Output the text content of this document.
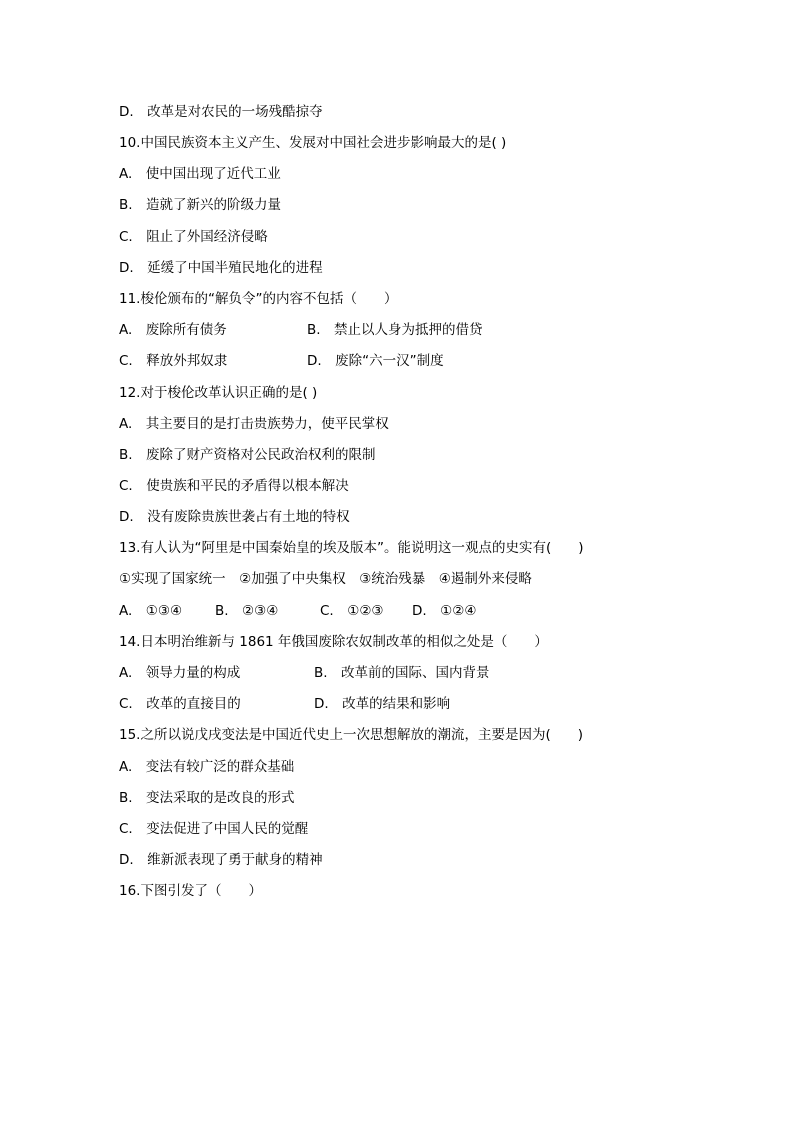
D.　改革是对农民的一场残酷掠夺
10.中国民族资本主义产生、发展对中国社会进步影响最大的是( )
A.　使中国出现了近代工业
B.　造就了新兴的阶级力量
C.　阻止了外国经济侵略
D.　延缓了中国半殖民地化的进程
11.梭伦颁布的“解负令”的内容不包括（　　）
A.　废除所有债务	B.　禁止以人身为抵押的借贷
C.　释放外邦奴隶	D.　废除“六一汉”制度
12.对于梭伦改革认识正确的是( )
A.　其主要目的是打击贵族势力，使平民掌权
B.　废除了财产资格对公民政治权利的限制
C.　使贵族和平民的矛盾得以根本解决
D.　没有废除贵族世袭占有土地的特权
13.有人认为“阿里是中国秦始皇的埃及版本”。能说明这一观点的史实有(　　)
①实现了国家统一　②加强了中央集权　③统治残暴　④遏制外来侵略
A.　①③④ B.　②③④	C.　①②③ D.　①②④
14.日本明治维新与 1861 年俄国废除农奴制改革的相似之处是（　　）
A.　领导力量的构成	B.　改革前的国际、国内背景
C.　改革的直接目的	D.　改革的结果和影响
15.之所以说戊戌变法是中国近代史上一次思想解放的潮流，主要是因为(　　)
A.　变法有较广泛的群众基础
B.　变法采取的是改良的形式
C.　变法促进了中国人民的觉醒
D.　维新派表现了勇于献身的精神
16.下图引发了（　　）
